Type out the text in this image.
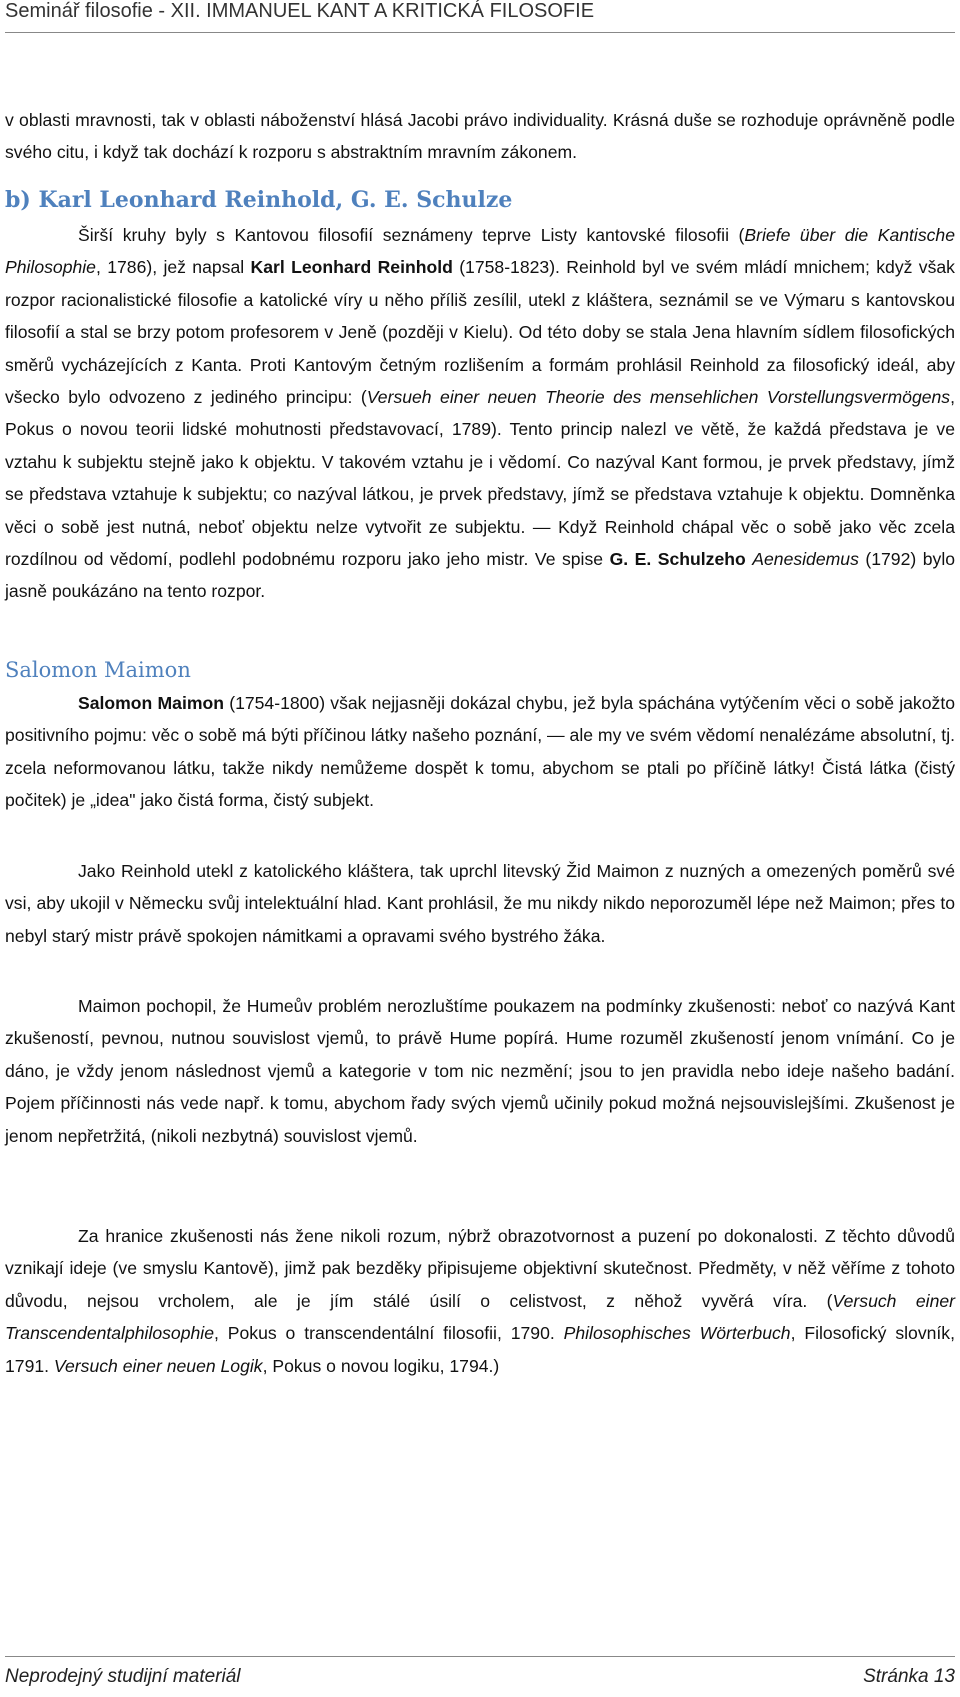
Seminář filosofie - XII. IMMANUEL KANT A KRITICKÁ FILOSOFIE

v oblasti mravnosti, tak v oblasti náboženství hlásá Jacobi právo individuality. Krásná duše se rozhoduje oprávněně podle svého citu, i když tak dochází k rozporu s abstraktním mravním zákonem.

b) Karl Leonhard Reinhold, G. E. Schulze

Širší kruhy byly s Kantovou filosofií seznámeny teprve Listy kantovské filosofii (Briefe über die Kantische Philosophie, 1786), jež napsal Karl Leonhard Reinhold (1758-1823). Reinhold byl ve svém mládí mnichem; když však rozpor racionalistické filosofie a katolické víry u něho příliš zesílil, utekl z kláštera, seznámil se ve Výmaru s kantovskou filosofií a stal se brzy potom profesorem v Jeně (později v Kielu). Od této doby se stala Jena hlavním sídlem filosofických směrů vycházejících z Kanta. Proti Kantovým četným rozlišením a formám prohlásil Reinhold za filosofický ideál, aby všecko bylo odvozeno z jediného principu: (Versueh einer neuen Theorie des mensehlichen Vorstellungsvermögens, Pokus o novou teorii lidské mohutnosti představovací, 1789). Tento princip nalezl ve větě, že každá představa je ve vztahu k subjektu stejně jako k objektu. V takovém vztahu je i vědomí. Co nazýval Kant formou, je prvek představy, jímž se představa vztahuje k subjektu; co nazýval látkou, je prvek představy, jímž se představa vztahuje k objektu. Domněnka věci o sobě jest nutná, neboť objektu nelze vytvořit ze subjektu. — Když Reinhold chápal věc o sobě jako věc zcela rozdílnou od vědomí, podlehl podobnému rozporu jako jeho mistr. Ve spise G. E. Schulzeho Aenesidemus (1792) bylo jasně poukázáno na tento rozpor.

Salomon Maimon

Salomon Maimon (1754-1800) však nejjasněji dokázal chybu, jež byla spáchána vytýčením věci o sobě jakožto positivního pojmu: věc o sobě má býti příčinou látky našeho poznání, — ale my ve svém vědomí nenalézáme absolutní, tj. zcela neformovanou látku, takže nikdy nemůžeme dospět k tomu, abychom se ptali po příčině látky! Čistá látka (čistý počitek) je „idea" jako čistá forma, čistý subjekt.

Jako Reinhold utekl z katolického kláštera, tak uprchl litevský Žid Maimon z nuzných a omezených poměrů své vsi, aby ukojil v Německu svůj intelektuální hlad. Kant prohlásil, že mu nikdy nikdo neporozuměl lépe než Maimon; přes to nebyl starý mistr právě spokojen námitkami a opravami svého bystrého žáka.

Maimon pochopil, že Humeův problém nerozluštíme poukazem na podmínky zkušenosti: neboť co nazývá Kant zkušeností, pevnou, nutnou souvislost vjemů, to právě Hume popírá. Hume rozuměl zkušeností jenom vnímání. Co je dáno, je vždy jenom následnost vjemů a kategorie v tom nic nezmění; jsou to jen pravidla nebo ideje našeho badání. Pojem příčinnosti nás vede např. k tomu, abychom řady svých vjemů učinily pokud možná nejsouvislejšími. Zkušenost je jenom nepřetržitá, (nikoli nezbytná) souvislost vjemů.

Za hranice zkušenosti nás žene nikoli rozum, nýbrž obrazotvornost a puzení po dokonalosti. Z těchto důvodů vznikají ideje (ve smyslu Kantově), jimž pak bezděky připisujeme objektivní skutečnost. Předměty, v něž věříme z tohoto důvodu, nejsou vrcholem, ale je jím stálé úsilí o celistvost, z něhož vyvěrá víra. (Versuch einer Transcendentalphilosophie, Pokus o transcendentální filosofii, 1790. Philosophisches Wörterbuch, Filosofický slovník, 1791. Versuch einer neuen Logik, Pokus o novou logiku, 1794.)

Neprodejný studijní materiál	Stránka 13
